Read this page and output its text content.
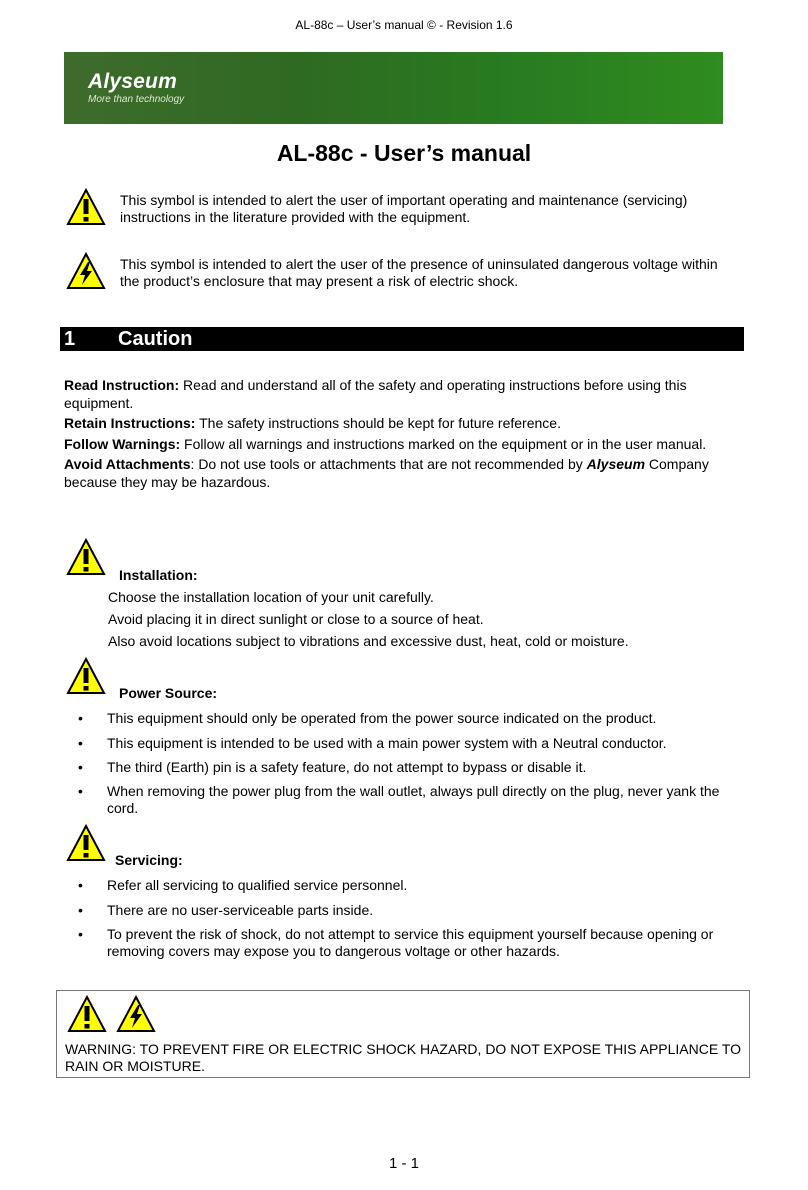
AL-88c – User’s manual © - Revision 1.6
Alyseum
More than technology
AL-88c - User’s manual
This symbol is intended to alert the user of important operating and maintenance (servicing) instructions in the literature provided with the equipment.
This symbol is intended to alert the user of the presence of uninsulated dangerous voltage within the product’s enclosure that may present a risk of electric shock.
1 Caution

Read Instruction: Read and understand all of the safety and operating instructions before using this equipment.

Retain Instructions: The safety instructions should be kept for future reference.

Follow Warnings: Follow all warnings and instructions marked on the equipment or in the user manual.

Avoid Attachments: Do not use tools or attachments that are not recommended by Alyseum Company because they may be hazardous.

Installation:
Choose the installation location of your unit carefully.
Avoid placing it in direct sunlight or close to a source of heat.
Also avoid locations subject to vibrations and excessive dust, heat, cold or moisture.
Power Source:
• This equipment should only be operated from the power source indicated on the product.
• This equipment is intended to be used with a main power system with a Neutral conductor.
• The third (Earth) pin is a safety feature, do not attempt to bypass or disable it.
• When removing the power plug from the wall outlet, always pull directly on the plug, never yank the cord.
Servicing:
• Refer all servicing to qualified service personnel.
• There are no user-serviceable parts inside.
• To prevent the risk of shock, do not attempt to service this equipment yourself because opening or removing covers may expose you to dangerous voltage or other hazards.
WARNING: TO PREVENT FIRE OR ELECTRIC SHOCK HAZARD, DO NOT EXPOSE THIS APPLIANCE TO RAIN OR MOISTURE.
1 - 1
